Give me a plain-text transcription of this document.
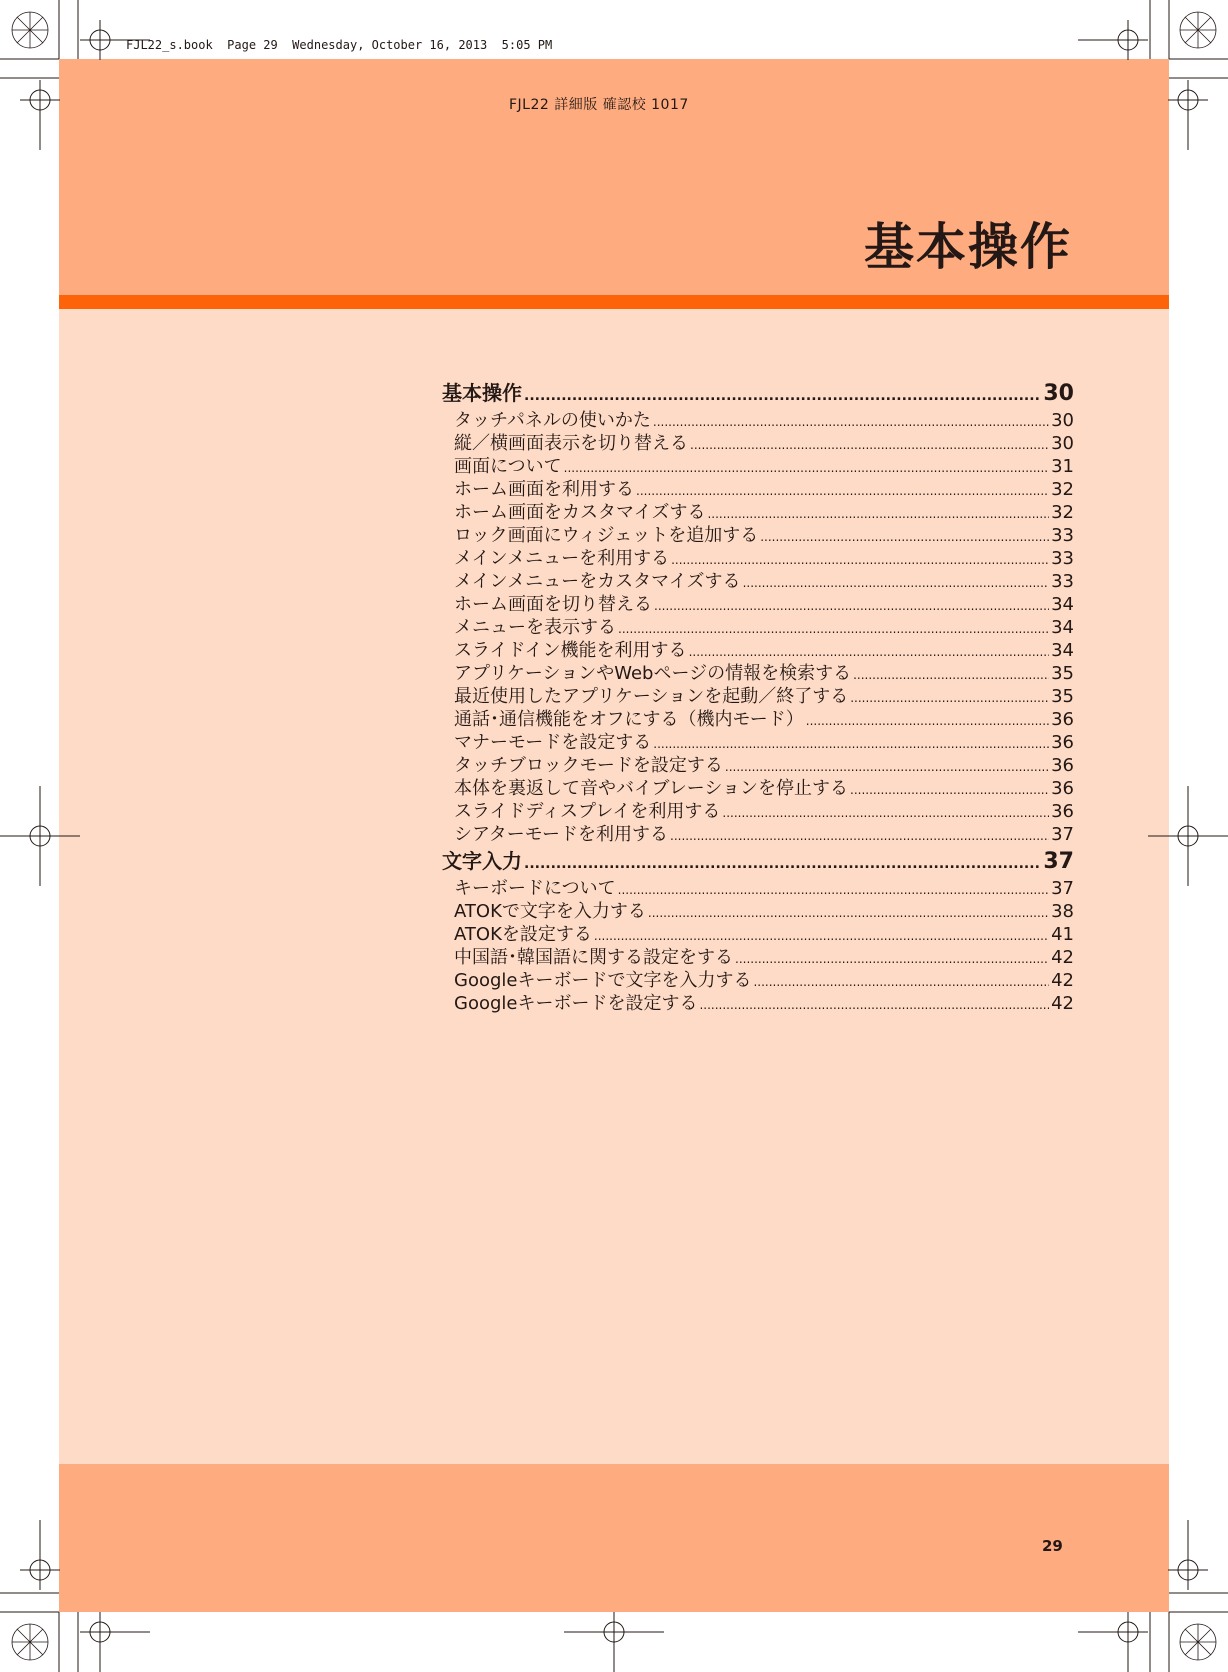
FJL22_s.book  Page 29  Wednesday, October 16, 2013  5:05 PM
FJL22 詳細版 確認校 1017
基本操作
29
基本操作 .....	30
タッチパネルの使いかた .....	30
縦／横画面表示を切り替える .....	30
画面について .....	31
ホーム画面を利用する .....	32
ホーム画面をカスタマイズする .....	32
ロック画面にウィジェットを追加する .....	33
メインメニューを利用する .....	33
メインメニューをカスタマイズする .....	33
ホーム画面を切り替える .....	34
メニューを表示する .....	34
スライドイン機能を利用する .....	34
アプリケーションやWebページの情報を検索する .....	35
最近使用したアプリケーションを起動／終了する .....	35
通話･通信機能をオフにする（機内モード） .....	36
マナーモードを設定する .....	36
タッチブロックモードを設定する .....	36
本体を裏返して音やバイブレーションを停止する .....	36
スライドディスプレイを利用する .....	36
シアターモードを利用する .....	37
文字入力 .....	37
キーボードについて .....	37
ATOKで文字を入力する .....	38
ATOKを設定する .....	41
中国語･韓国語に関する設定をする .....	42
Googleキーボードで文字を入力する .....	42
Googleキーボードを設定する .....	42
